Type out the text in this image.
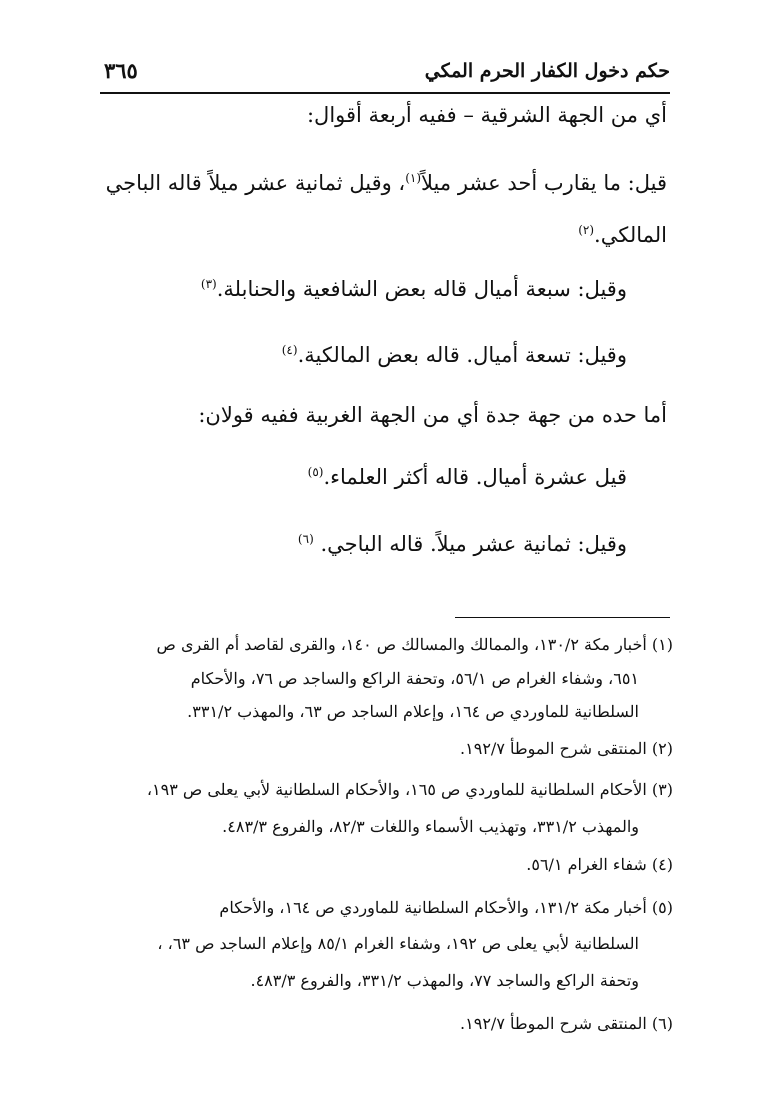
حكم دخول الكفار الحرم المكي
٣٦٥
أي من الجهة الشرقية – ففيه أربعة أقوال:
قيل: ما يقارب أحد عشر ميلاً$^{(١)}$، وقيل ثمانية عشر ميلاً قاله الباجي
المالكي.$^{(٢)}$
وقيل: سبعة أميال قاله بعض الشافعية والحنابلة.$^{(٣)}$
وقيل: تسعة أميال. قاله بعض المالكية.$^{(٤)}$
أما حده من جهة جدة أي من الجهة الغربية ففيه قولان:
قيل عشرة أميال. قاله أكثر العلماء.$^{(٥)}$
وقيل: ثمانية عشر ميلاً. قاله الباجي. $^{(٦)}$
(١) أخبار مكة ١٣٠/٢، والممالك والمسالك ص ١٤٠، والقرى لقاصد أم القرى ص
٦٥١، وشفاء الغرام ص ٥٦/١، وتحفة الراكع والساجد ص ٧٦، والأحكام
السلطانية للماوردي ص ١٦٤، وإعلام الساجد ص ٦٣، والمهذب ٣٣١/٢.
(٢) المنتقى شرح الموطأ ١٩٢/٧.
(٣) الأحكام السلطانية للماوردي ص ١٦٥، والأحكام السلطانية لأبي يعلى ص ١٩٣،
والمهذب ٣٣١/٢، وتهذيب الأسماء واللغات ٨٢/٣، والفروع ٤٨٣/٣.
(٤) شفاء الغرام ٥٦/١.
(٥) أخبار مكة ١٣١/٢، والأحكام السلطانية للماوردي ص ١٦٤، والأحكام
السلطانية لأبي يعلى ص ١٩٢، وشفاء الغرام ٨٥/١ وإعلام الساجد ص ٦٣، ،
وتحفة الراكع والساجد ٧٧، والمهذب ٣٣١/٢، والفروع ٤٨٣/٣.
(٦) المنتقى شرح الموطأ ١٩٢/٧.
